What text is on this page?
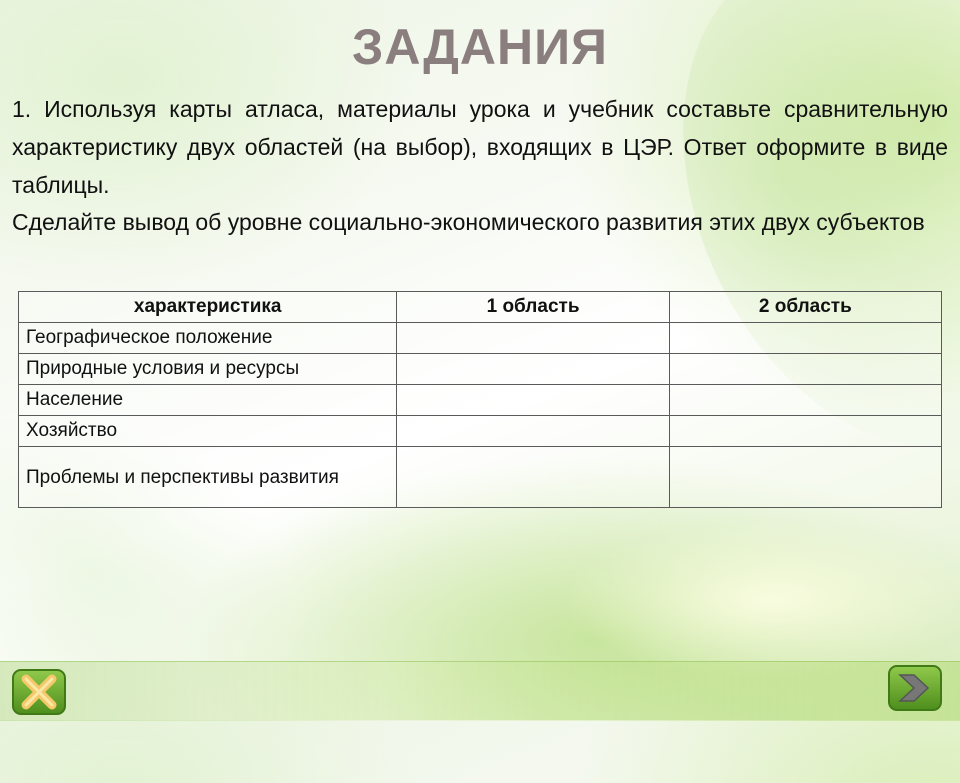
ЗАДАНИЯ
1. Используя карты атласа, материалы урока и учебник составьте сравнительную характеристику двух областей (на выбор), входящих в ЦЭР. Ответ оформите в виде таблицы.
Сделайте вывод об уровне социально-экономического развития этих двух субъектов
характеристика	1 область	2 область
Географическое положение		
Природные условия и ресурсы		
Население		
Хозяйство		
Проблемы и перспективы развития		
